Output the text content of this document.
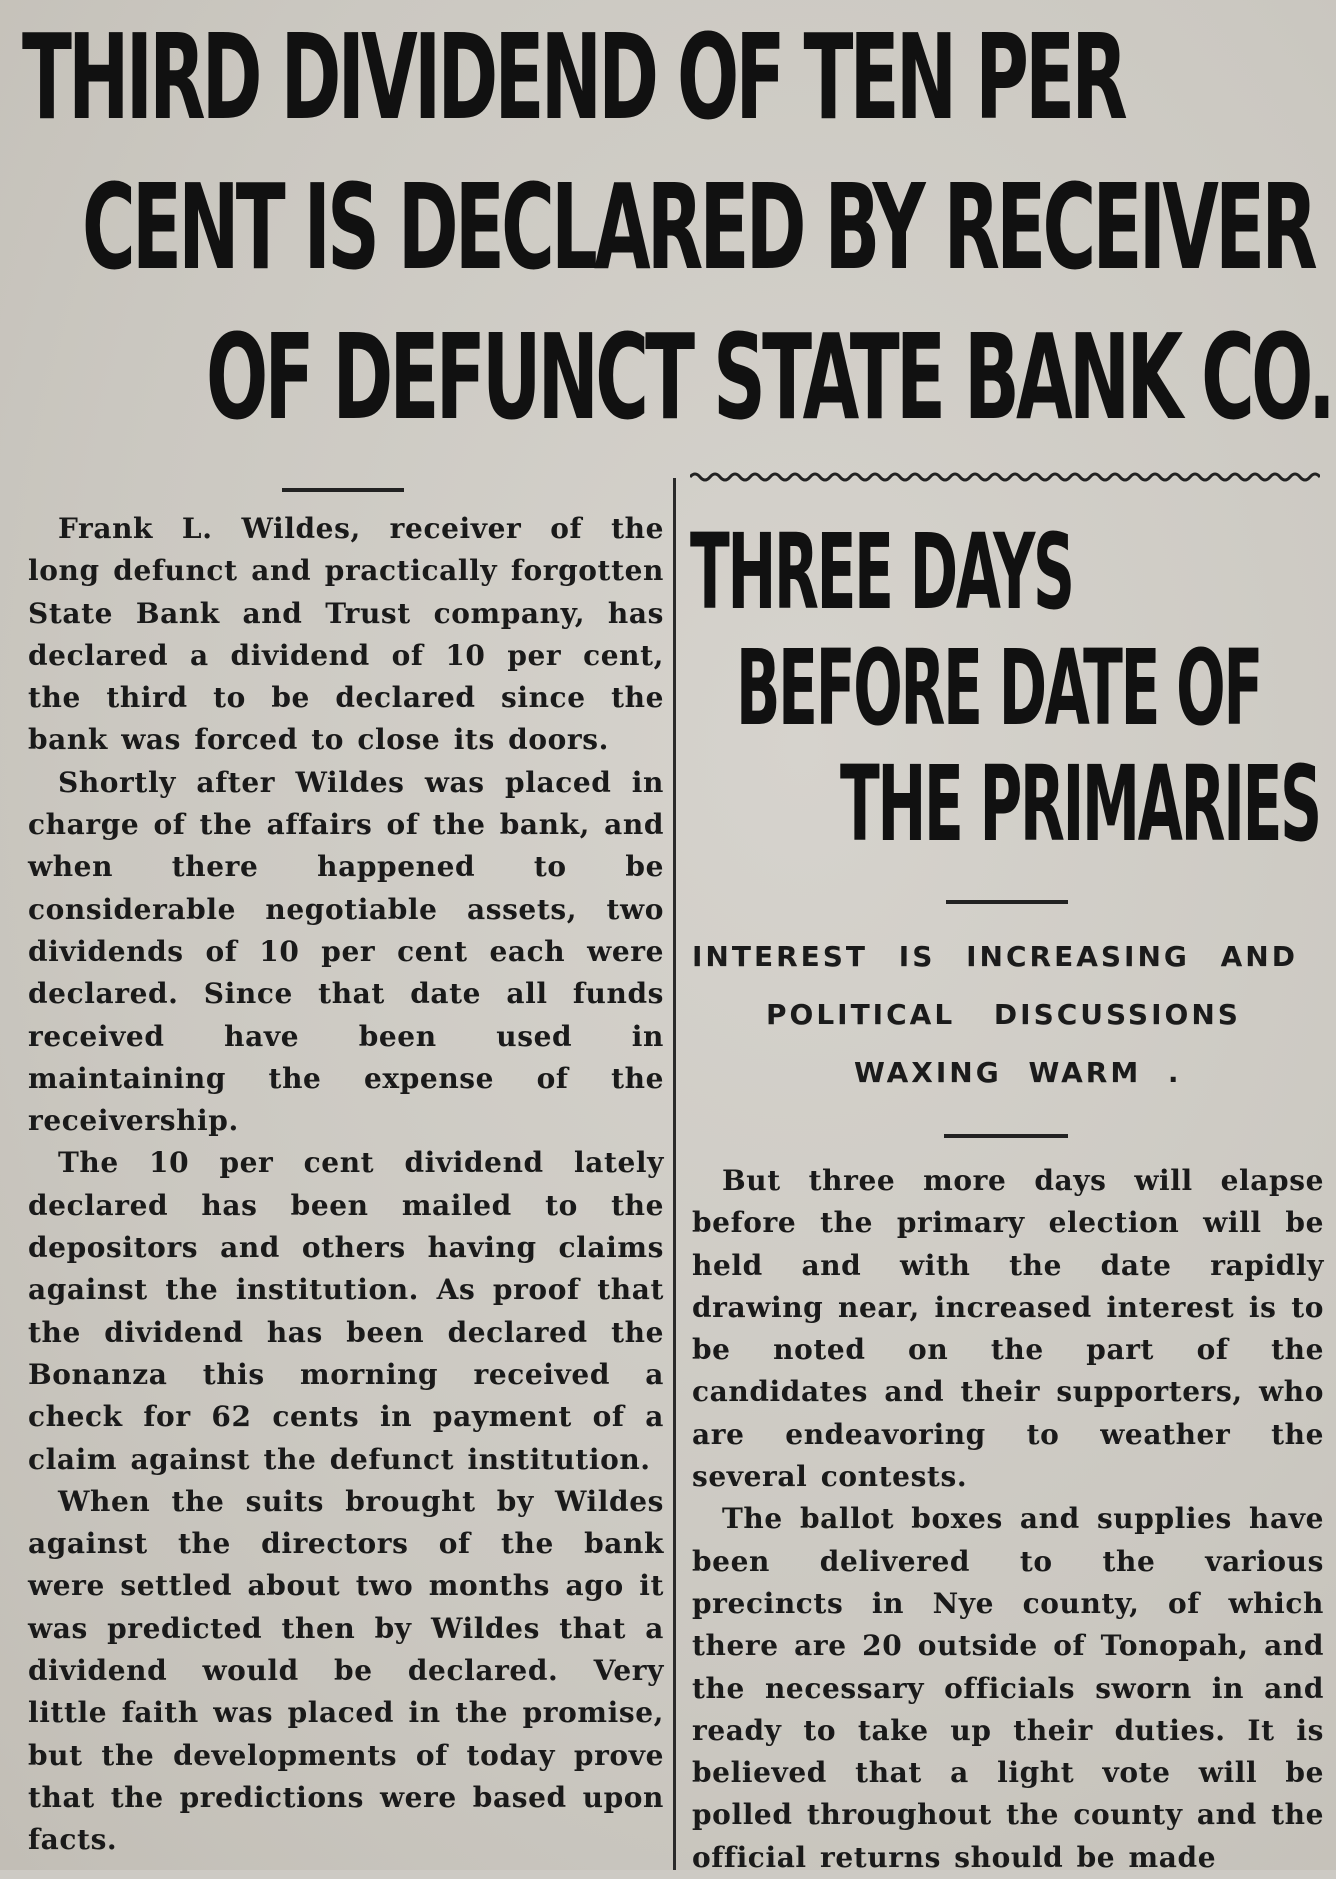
THIRD DIVIDEND OF TEN PER
CENT IS DECLARED BY RECEIVER
OF DEFUNCT STATE BANK CO.

Frank L. Wildes, receiver of the long defunct and practically forgotten State Bank and Trust company, has declared a dividend of 10 per cent, the third to be declared since the bank was forced to close its doors.

Shortly after Wildes was placed in charge of the affairs of the bank, and when there happened to be considerable negotiable assets, two dividends of 10 per cent each were declared. Since that date all funds received have been used in maintaining the expense of the receivership.

The 10 per cent dividend lately declared has been mailed to the depositors and others having claims against the institution. As proof that the dividend has been declared the Bonanza this morning received a check for 62 cents in payment of a claim against the defunct institution.

When the suits brought by Wildes against the directors of the bank were settled about two months ago it was predicted then by Wildes that a dividend would be declared. Very little faith was placed in the promise, but the developments of today prove that the predictions were based upon facts.

THREE DAYS
BEFORE DATE OF
THE PRIMARIES
INTEREST IS INCREASING AND
POLITICAL DISCUSSIONS
WAXING WARM .

But three more days will elapse before the primary election will be held and with the date rapidly drawing near, increased interest is to be noted on the part of the candidates and their supporters, who are endeavoring to weather the several contests.

The ballot boxes and supplies have been delivered to the various precincts in Nye county, of which there are 20 outside of Tonopah, and the necessary officials sworn in and ready to take up their duties. It is believed that a light vote will be polled throughout the county and the official returns should be made
